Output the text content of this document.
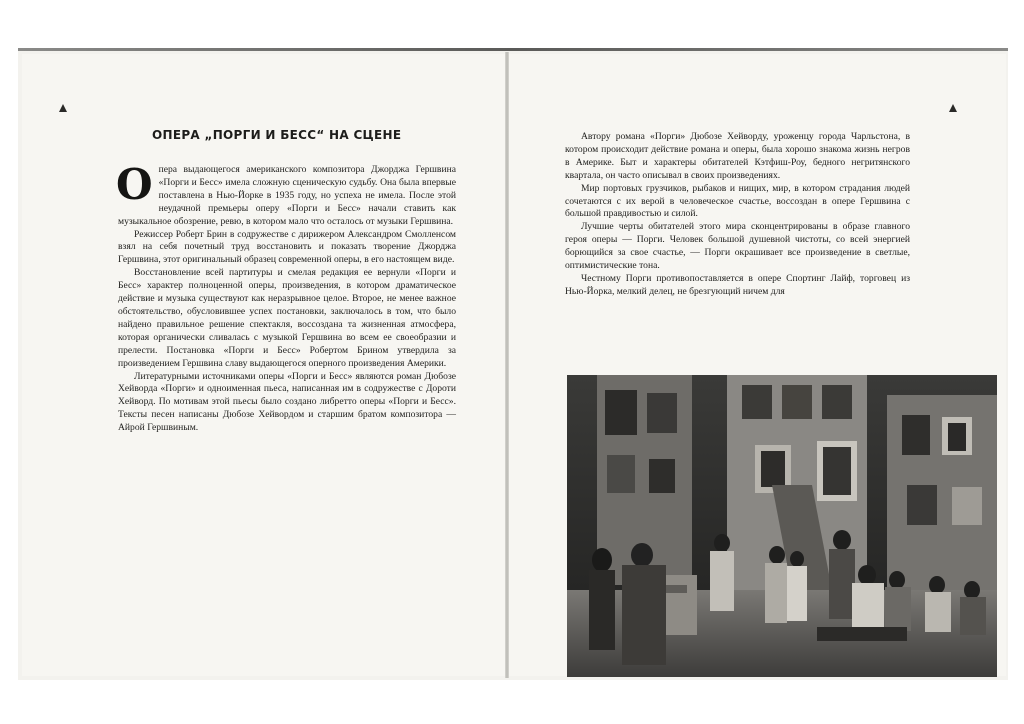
ОПЕРА „ПОРГИ И БЕСС“ НА СЦЕНЕ

Опера выдающегося американского композитора Джорджа Гершвина «Порги и Бесс» имела сложную сценическую судьбу. Она была впервые поставлена в Нью-Йорке в 1935 году, но успеха не имела. После этой неудачной премьеры оперу «Порги и Бесс» начали ставить как музыкальное обозрение, ревю, в котором мало что осталось от музыки Гершвина.

Режиссер Роберт Брин в содружестве с дирижером Александром Смолленсом взял на себя почетный труд восстановить и показать творение Джорджа Гершвина, этот оригинальный образец современной оперы, в его настоящем виде.

Восстановление всей партитуры и смелая редакция ее вернули «Порги и Бесс» характер полноценной оперы, произведения, в котором драматическое действие и музыка существуют как неразрывное целое. Второе, не менее важное обстоятельство, обусловившее успех постановки, заключалось в том, что было найдено правильное решение спектакля, воссоздана та жизненная атмосфера, которая органически сливалась с музыкой Гершвина во всем ее своеобразии и прелести. Постановка «Порги и Бесс» Робертом Брином утвердила за произведением Гершвина славу выдающегося оперного произведения Америки.

Литературными источниками оперы «Порги и Бесс» являются роман Дюбозе Хейворда «Порги» и одноименная пьеса, написанная им в содружестве с Дороти Хейворд. По мотивам этой пьесы было создано либретто оперы «Порги и Бесс». Тексты песен написаны Дюбозе Хейвордом и старшим братом композитора — Айрой Гершвиным.

Автору романа «Порги» Дюбозе Хейворду, уроженцу города Чарльстона, в котором происходит действие романа и оперы, была хорошо знакома жизнь негров в Америке. Быт и характеры обитателей Кэтфиш-Роу, бедного негритянского квартала, он часто описывал в своих произведениях.

Мир портовых грузчиков, рыбаков и нищих, мир, в котором страдания людей сочетаются с их верой в человеческое счастье, воссоздан в опере Гершвина с большой правдивостью и силой.

Лучшие черты обитателей этого мира сконцентрированы в образе главного героя оперы — Порги. Человек большой душевной чистоты, со всей энергией борющийся за свое счастье, — Порги окрашивает все произведение в светлые, оптимистические тона.

Честному Порги противопоставляется в опере Спортинг Лайф, торговец из Нью-Йорка, мелкий делец, не брезгующий ничем для
